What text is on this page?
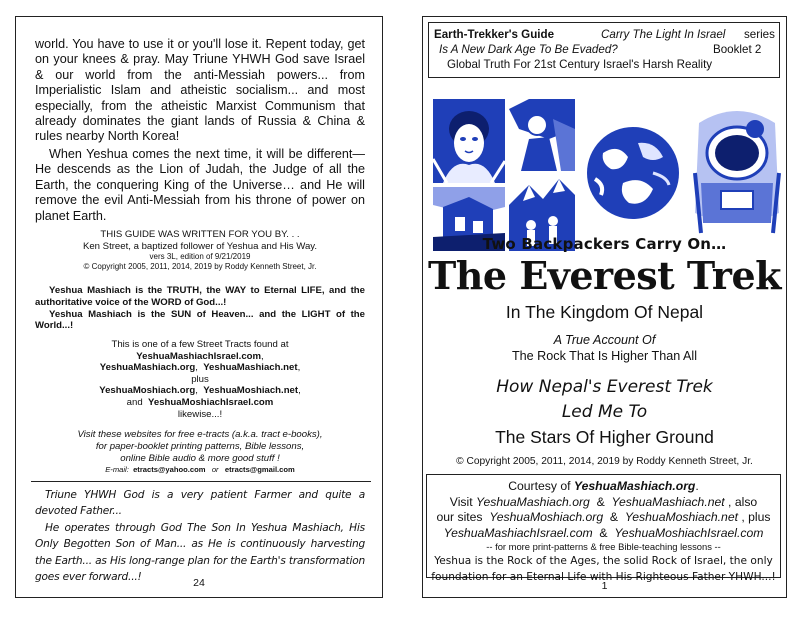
world. You have to use it or you'll lose it. Repent today, get on your knees & pray. May Triune YHWH God save Israel & our world from the anti-Messiah powers... from Imperialistic Islam and atheistic socialism... and most especially, from the atheistic Marxist Communism that already dominates the giant lands of Russia & China & rules nearby North Korea!

When Yeshua comes the next time, it will be different— He descends as the Lion of Judah, the Judge of all the Earth, the conquering King of the Universe… and He will remove the evil Anti-Messiah from his throne of power on planet Earth.

THIS GUIDE WAS WRITTEN FOR YOU BY. . .
Ken Street, a baptized follower of Yeshua and His Way.
vers 3L, edition of 9/21/2019
© Copyright 2005, 2011, 2014, 2019 by Roddy Kenneth Street, Jr.
Yeshua Mashiach is the TRUTH, the WAY to Eternal LIFE, and the authoritative voice of the WORD of God...!
Yeshua Mashiach is the SUN of Heaven... and the LIGHT of the World...!
This is one of a few Street Tracts found at
YeshuaMashiachIsrael.com,
YeshuaMashiach.org,  YeshuaMashiach.net,
plus
YeshuaMoshiach.org,  YeshuaMoshiach.net,
and  YeshuaMoshiachIsrael.com
likewise...!
Visit these websites for free e-tracts (a.k.a. tract e-books),
for paper-booklet printing patterns, Bible lessons,
online Bible audio & more good stuff !
E-mail:  etracts@yahoo.com   or   etracts@gmail.com
Triune YHWH God is a very patient Farmer and quite a devoted Father...
He operates through God The Son In Yeshua Mashiach, His Only Begotten Son of Man... as He is continuously harvesting the Earth... as His long-range plan for the Earth's transformation goes ever forward...!	24
Earth-Trekker's Guide	Carry The Light In Israel series
Is A New Dark Age To Be Evaded?	Booklet 2
Global Truth For 21st Century Israel's Harsh Reality
Two Backpackers Carry On…
The Everest Trek
In The Kingdom Of Nepal
A True Account Of
The Rock That Is Higher Than All
How Nepal's Everest Trek
Led Me To
The Stars Of Higher Ground
© Copyright 2005, 2011, 2014, 2019 by Roddy Kenneth Street, Jr.
Courtesy of YeshuaMashiach.org.
Visit YeshuaMashiach.org  &  YeshuaMashiach.net , also
our sites  YeshuaMoshiach.org  &  YeshuaMoshiach.net , plus
YeshuaMashiachIsrael.com  &  YeshuaMoshiachIsrael.com
-- for more print-patterns & free Bible-teaching lessons --
Yeshua is the Rock of the Ages, the solid Rock of Israel, the only
foundation for an Eternal Life with His Righteous Father YHWH...!
1
